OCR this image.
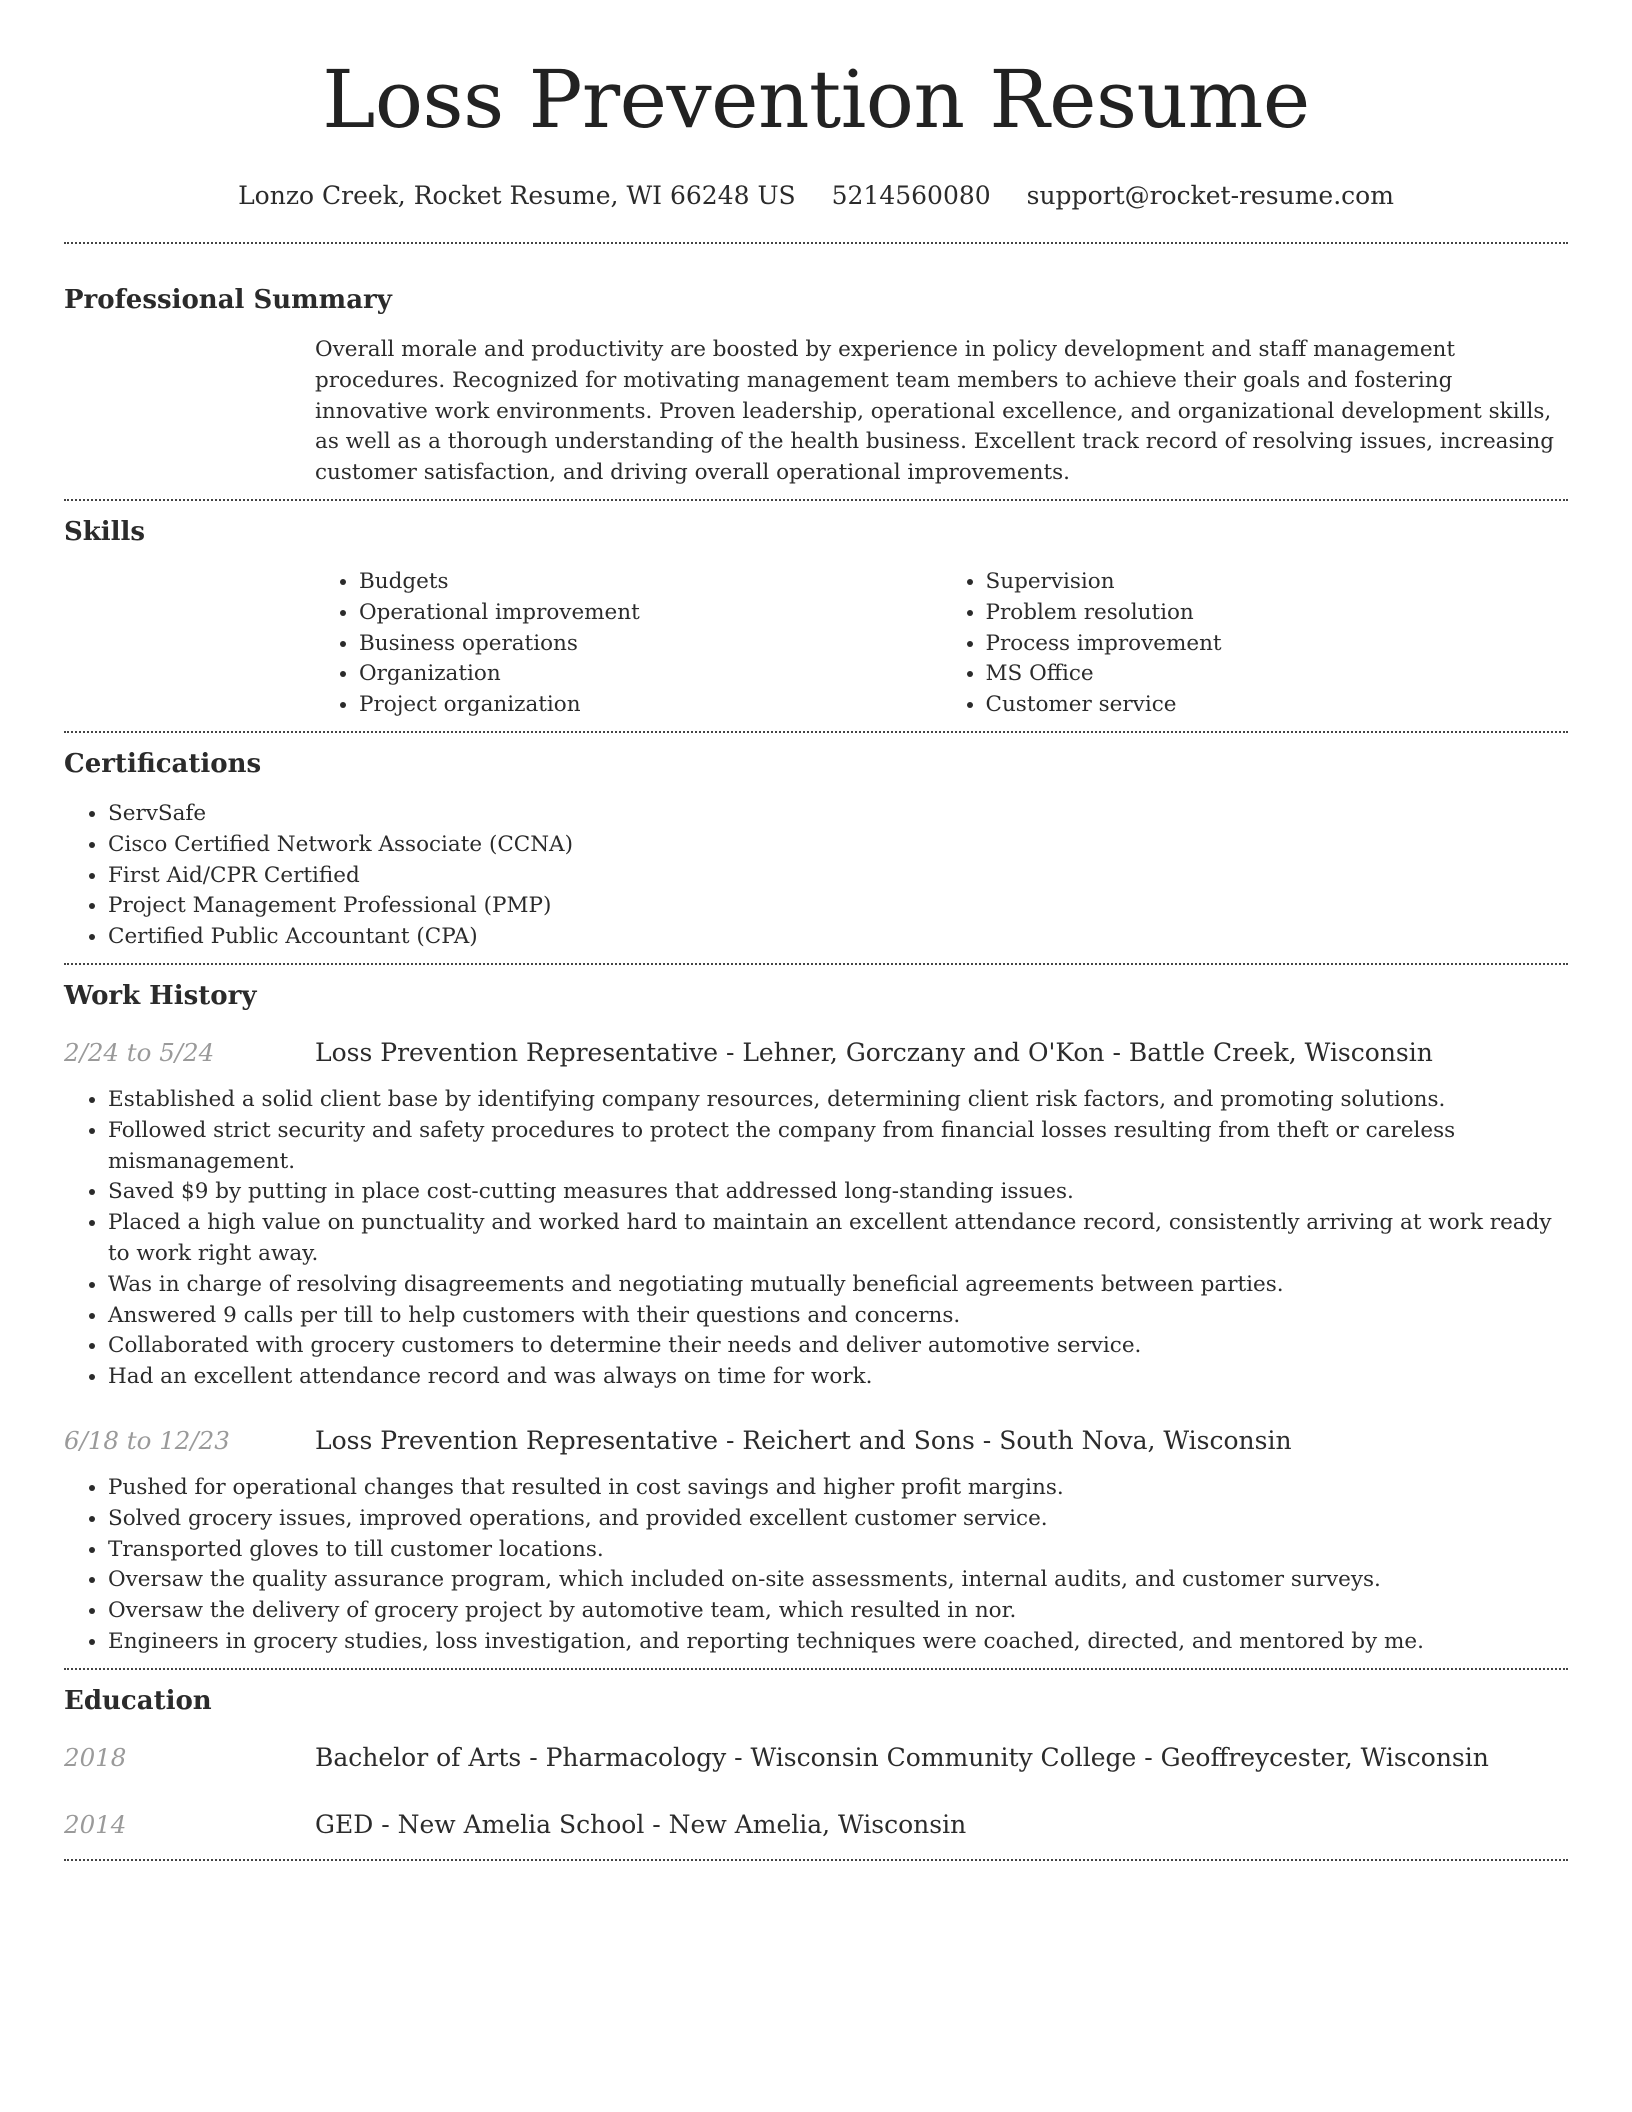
Loss Prevention Resume
Lonzo Creek, Rocket Resume, WI 66248 US 5214560080 support@rocket-resume.com
Professional Summary

Overall morale and productivity are boosted by experience in policy development and staff management procedures. Recognized for motivating management team members to achieve their goals and fostering innovative work environments. Proven leadership, operational excellence, and organizational development skills, as well as a thorough understanding of the health business. Excellent track record of resolving issues, increasing customer satisfaction, and driving overall operational improvements.

Skills
• Budgets
• Operational improvement
• Business operations
• Organization
• Project organization
• Supervision
• Problem resolution
• Process improvement
• MS Office
• Customer service
Certifications
• ServSafe
• Cisco Certified Network Associate (CCNA)
• First Aid/CPR Certified
• Project Management Professional (PMP)
• Certified Public Accountant (CPA)
Work History
2/24 to 5/24	Loss Prevention Representative - Lehner, Gorczany and O'Kon - Battle Creek, Wisconsin
• Established a solid client base by identifying company resources, determining client risk factors, and promoting solutions.
• Followed strict security and safety procedures to protect the company from financial losses resulting from theft or careless mismanagement.
• Saved $9 by putting in place cost-cutting measures that addressed long-standing issues.
• Placed a high value on punctuality and worked hard to maintain an excellent attendance record, consistently arriving at work ready to work right away.
• Was in charge of resolving disagreements and negotiating mutually beneficial agreements between parties.
• Answered 9 calls per till to help customers with their questions and concerns.
• Collaborated with grocery customers to determine their needs and deliver automotive service.
• Had an excellent attendance record and was always on time for work.
6/18 to 12/23	Loss Prevention Representative - Reichert and Sons - South Nova, Wisconsin
• Pushed for operational changes that resulted in cost savings and higher profit margins.
• Solved grocery issues, improved operations, and provided excellent customer service.
• Transported gloves to till customer locations.
• Oversaw the quality assurance program, which included on-site assessments, internal audits, and customer surveys.
• Oversaw the delivery of grocery project by automotive team, which resulted in nor.
• Engineers in grocery studies, loss investigation, and reporting techniques were coached, directed, and mentored by me.
Education
2018	Bachelor of Arts - Pharmacology - Wisconsin Community College - Geoffreycester, Wisconsin
2014	GED - New Amelia School - New Amelia, Wisconsin
